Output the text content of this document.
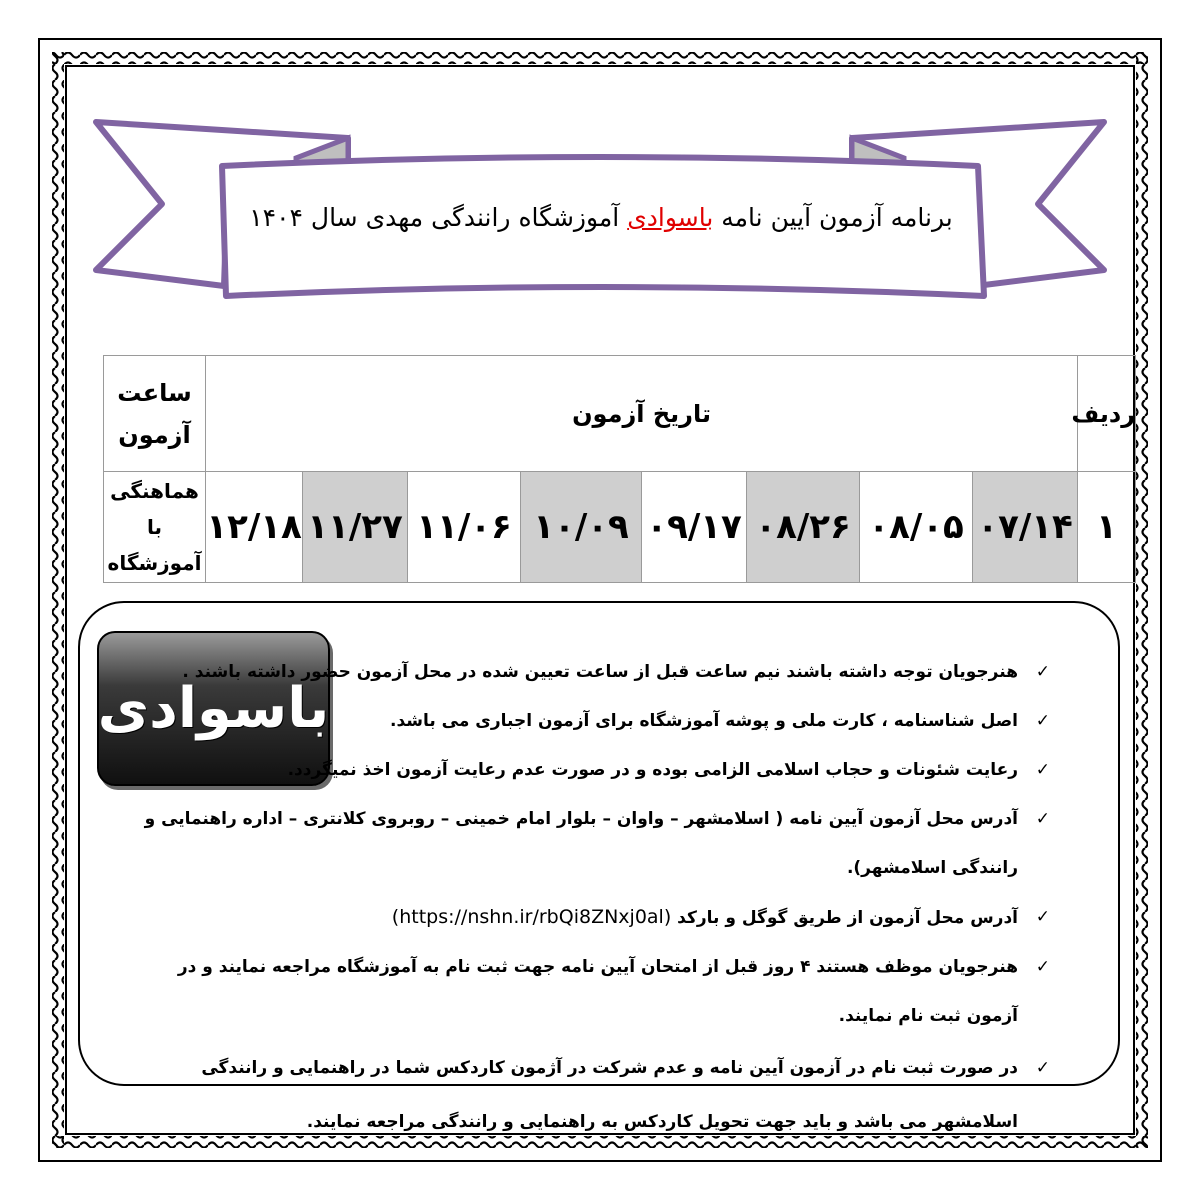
برنامه آزمون آیین نامه باسوادی آموزشگاه رانندگی مهدی سال ۱۴۰۴
ردیف	تاریخ آزمون								ساعت
آزمون

۱	۰۷/۱۴	۰۸/۰۵	۰۸/۲۶	۰۹/۱۷	۱۰/۰۹	۱۱/۰۶	۱۱/۲۷	۱۲/۱۸	هماهنگی با
آموزشگاه
باسوادی
✓
هنرجویان توجه داشته باشند نیم ساعت قبل از ساعت تعیین شده در محل آزمون حضور داشته باشند .
✓
اصل شناسنامه ، کارت ملی و پوشه آموزشگاه برای آزمون اجباری می باشد.
✓
رعایت شئونات و حجاب اسلامی الزامی بوده و در صورت عدم رعایت آزمون اخذ نمیگردد.
✓
آدرس محل آزمون آیین نامه ( اسلامشهر – واوان – بلوار امام خمینی – روبروی کلانتری – اداره راهنمایی و رانندگی اسلامشهر).
✓
آدرس محل آزمون از طریق گوگل و بارکد (https://nshn.ir/rbQi8ZNxj0al)
✓
هنرجویان موظف هستند ۴ روز قبل از امتحان آیین نامه جهت ثبت نام به آموزشگاه مراجعه نمایند و در آزمون ثبت نام نمایند.
✓
در صورت ثبت نام در آزمون آیین نامه و عدم شرکت در آژمون کاردکس شما در راهنمایی و رانندگی اسلامشهر می باشد و باید جهت تحویل کاردکس به راهنمایی و رانندگی مراجعه نمایند.
